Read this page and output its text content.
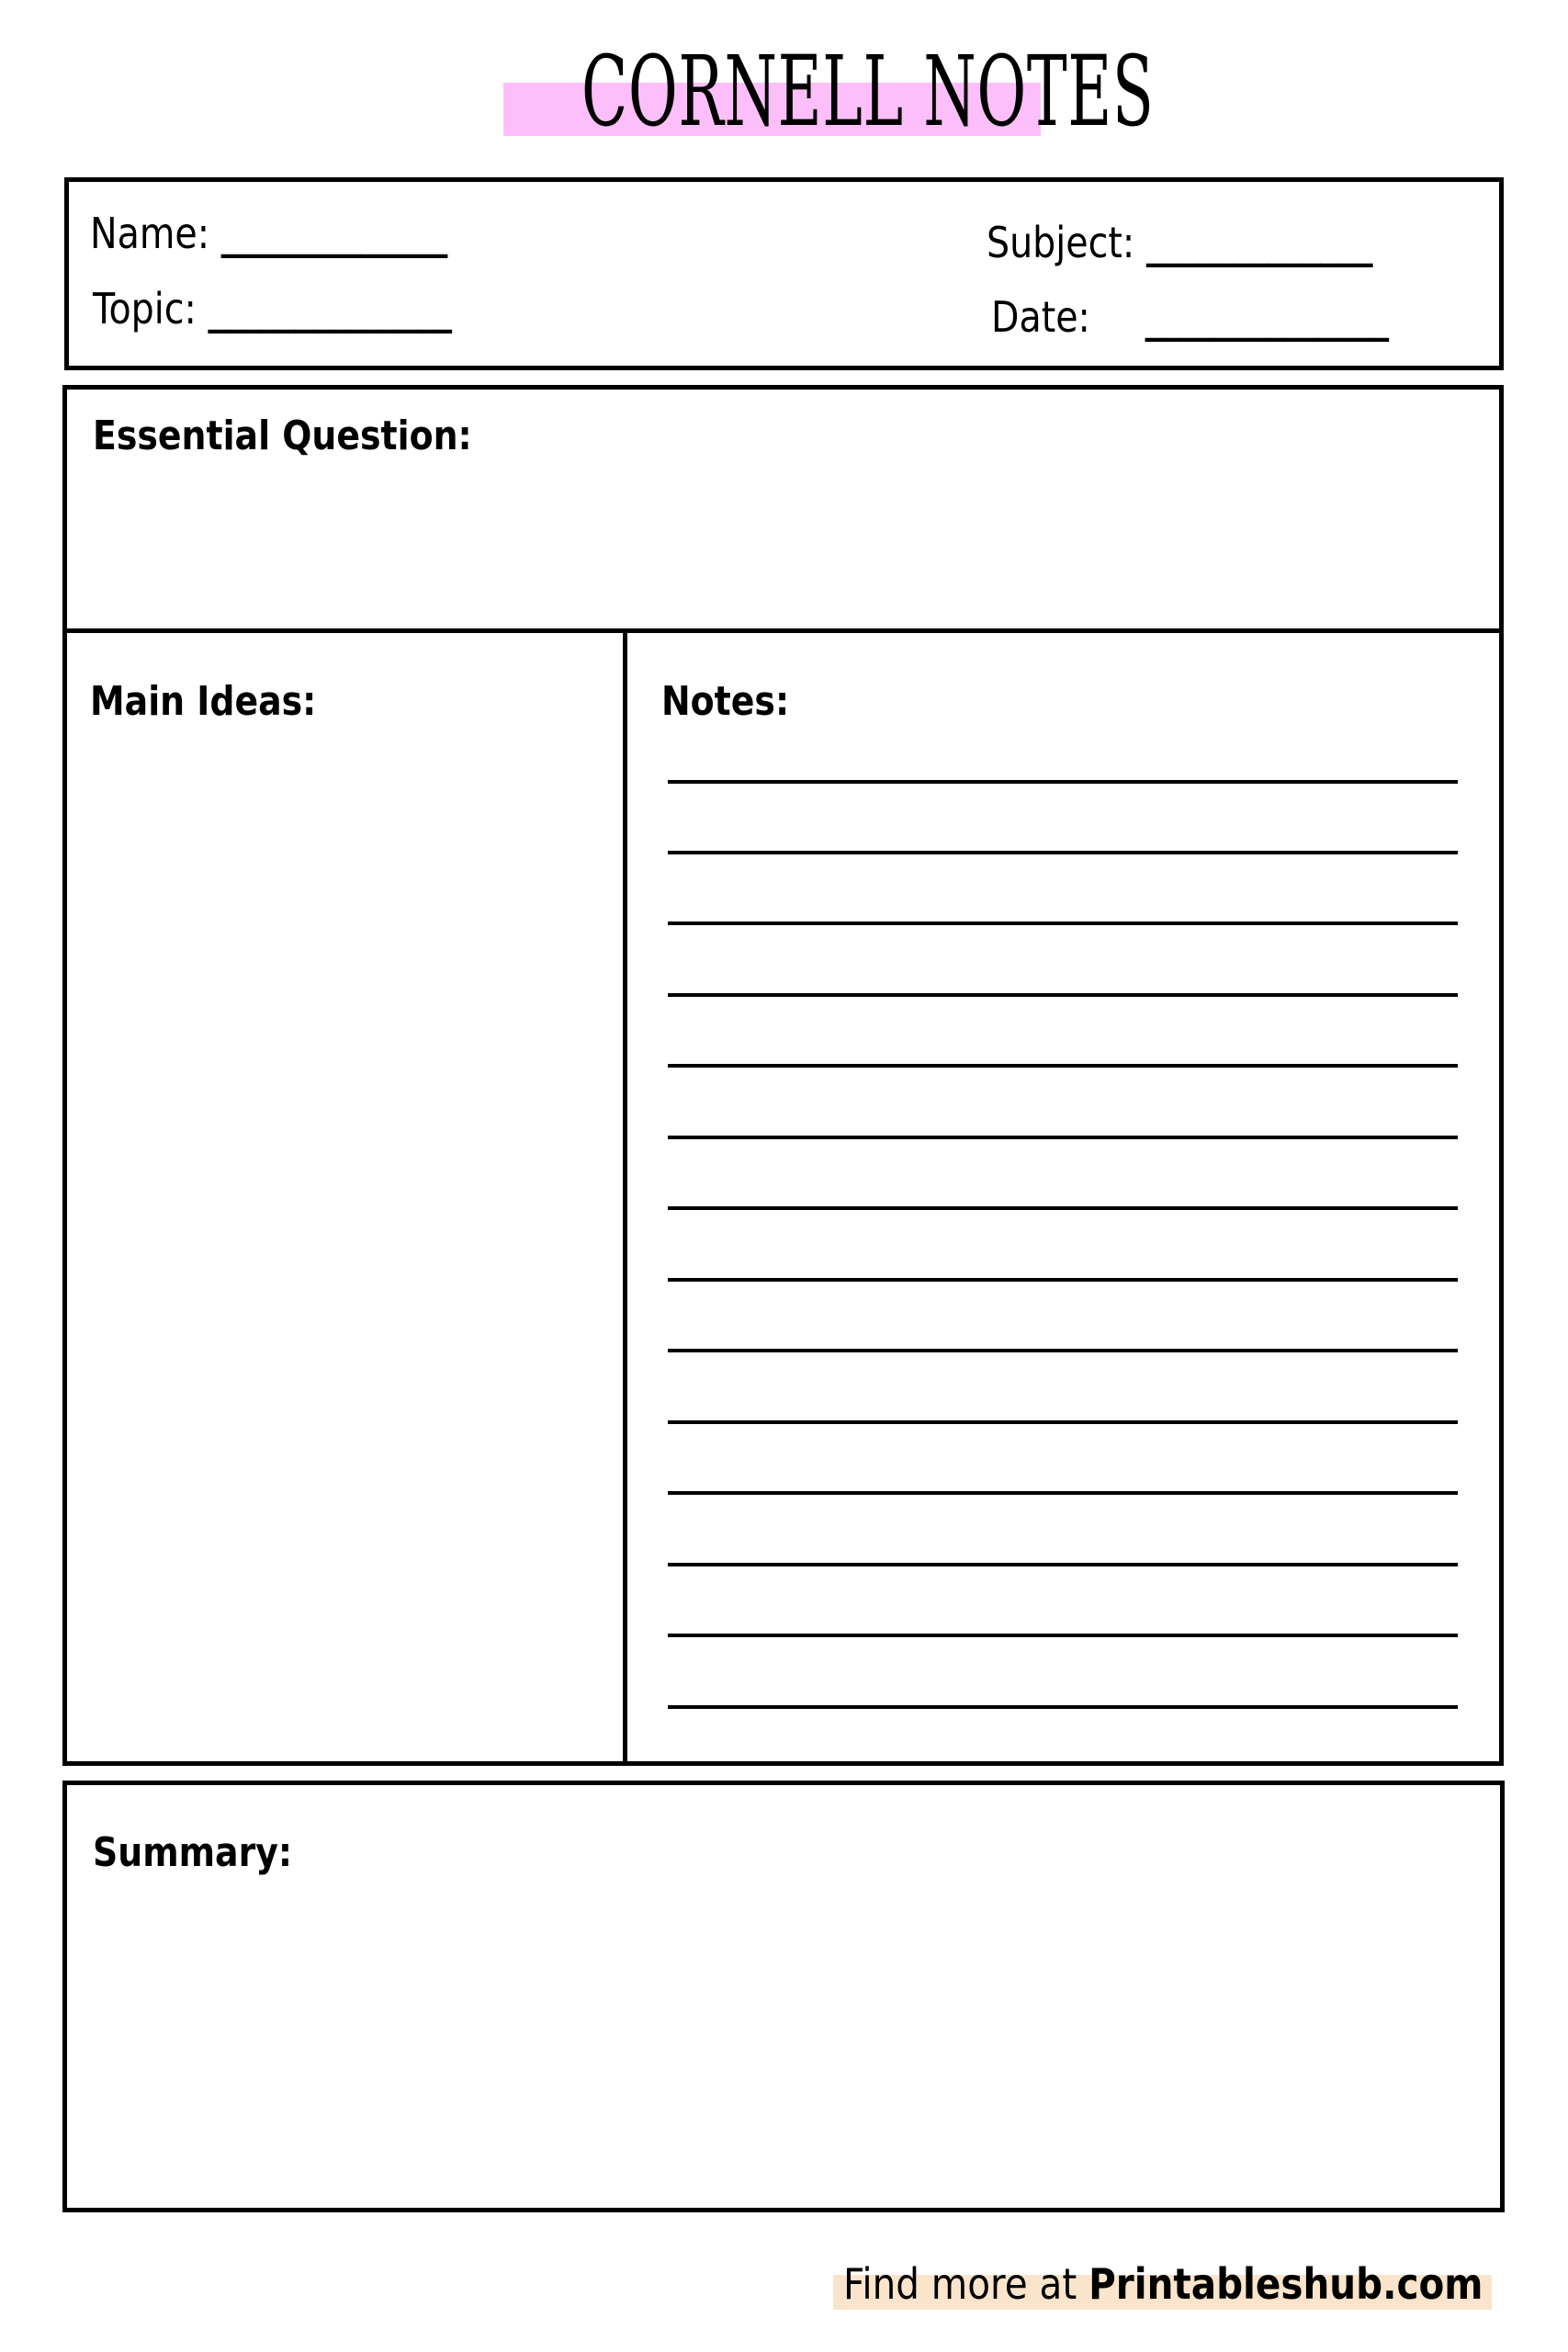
CORNELL NOTES
Name: _____________
Topic: ______________
Subject: _____________
Date: ______________
Essential Question:
Main Ideas:	Notes:
Summary:
Find more at Printableshub.com
